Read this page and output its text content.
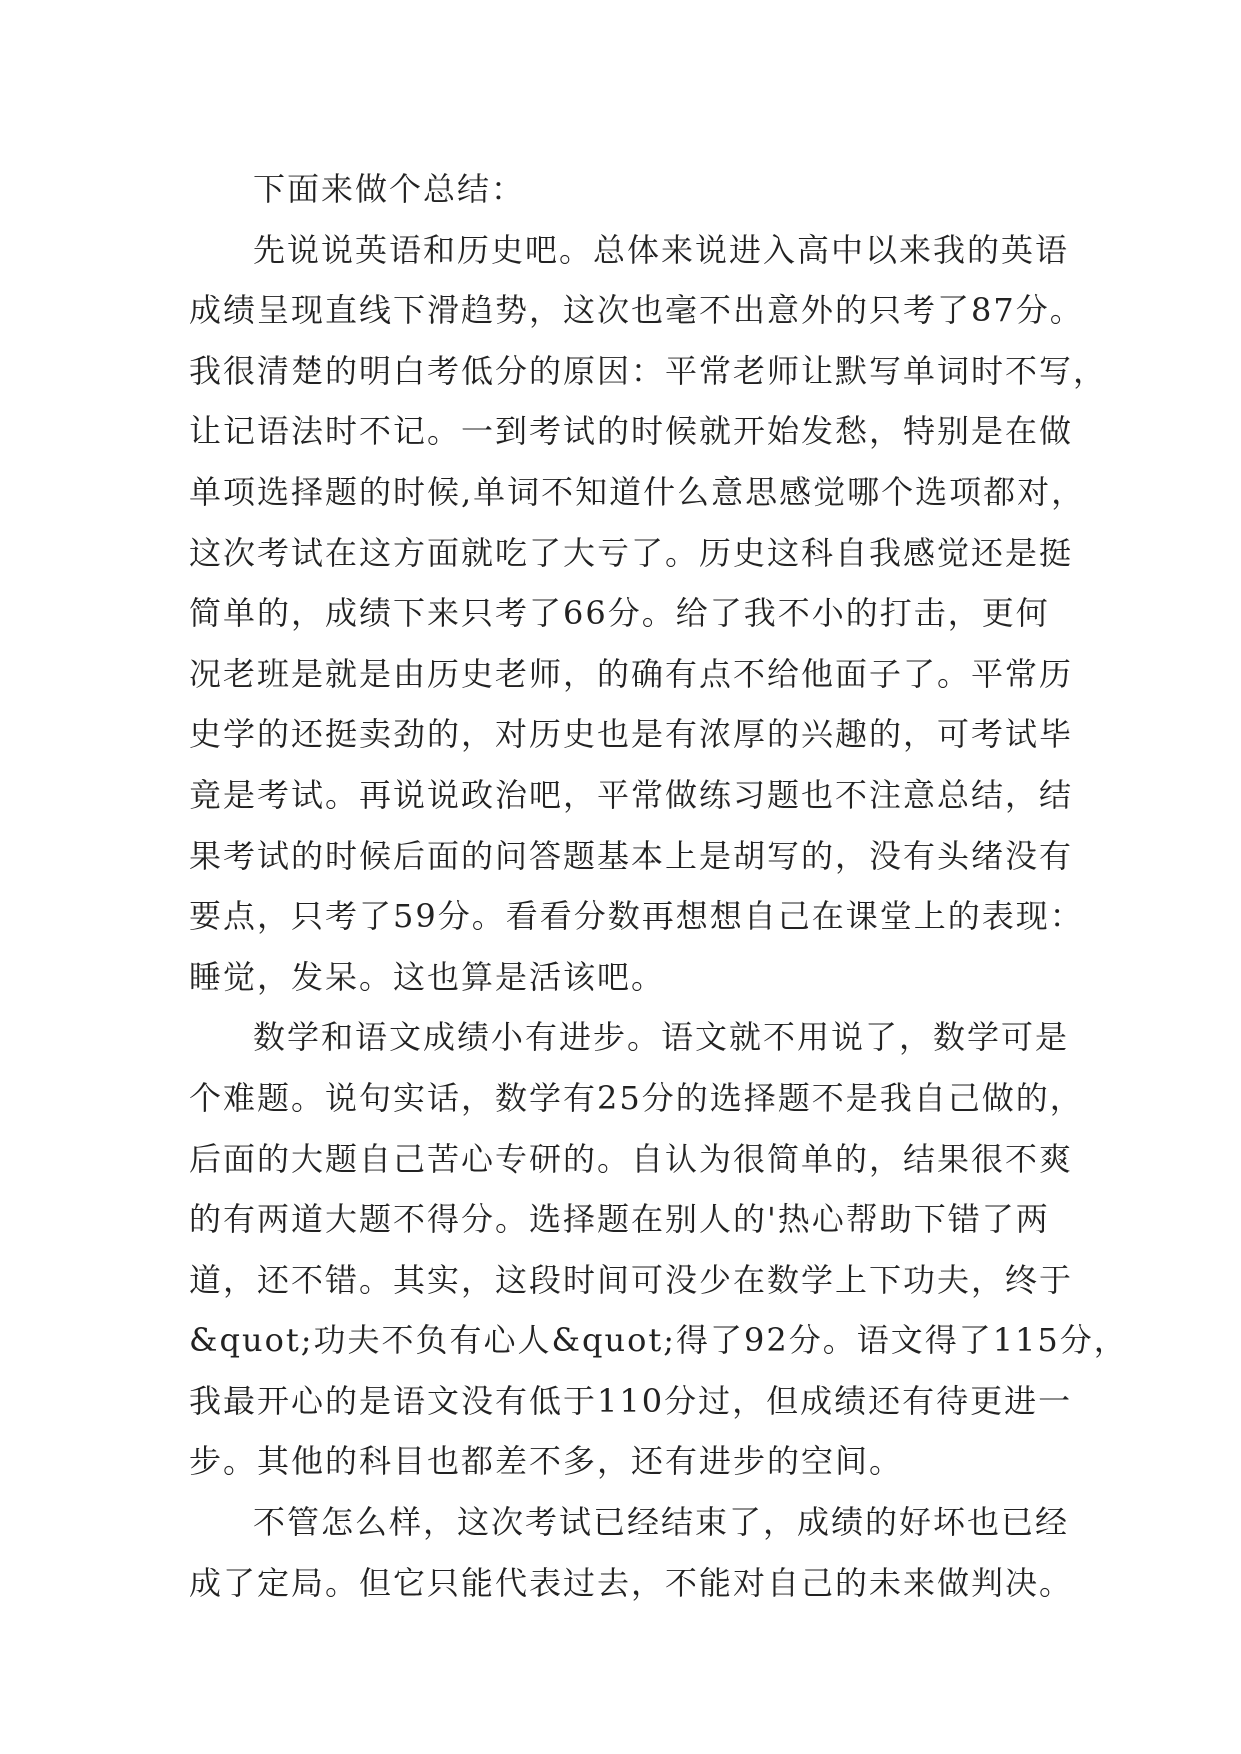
下面来做个总结：
先说说英语和历史吧。总体来说进入高中以来我的英语
成绩呈现直线下滑趋势，这次也毫不出意外的只考了87分。
我很清楚的明白考低分的原因：平常老师让默写单词时不写，
让记语法时不记。一到考试的时候就开始发愁，特别是在做
单项选择题的时候,单词不知道什么意思感觉哪个选项都对，
这次考试在这方面就吃了大亏了。历史这科自我感觉还是挺
简单的，成绩下来只考了66分。给了我不小的打击，更何
况老班是就是由历史老师，的确有点不给他面子了。平常历
史学的还挺卖劲的，对历史也是有浓厚的兴趣的，可考试毕
竟是考试。再说说政治吧，平常做练习题也不注意总结，结
果考试的时候后面的问答题基本上是胡写的，没有头绪没有
要点，只考了59分。看看分数再想想自己在课堂上的表现：
睡觉，发呆。这也算是活该吧。
数学和语文成绩小有进步。语文就不用说了，数学可是
个难题。说句实话，数学有25分的选择题不是我自己做的，
后面的大题自己苦心专研的。自认为很简单的，结果很不爽
的有两道大题不得分。选择题在别人的'热心帮助下错了两
道，还不错。其实，这段时间可没少在数学上下功夫，终于
&quot;功夫不负有心人&quot;得了92分。语文得了115分，
我最开心的是语文没有低于110分过，但成绩还有待更进一
步。其他的科目也都差不多，还有进步的空间。
不管怎么样，这次考试已经结束了，成绩的好坏也已经
成了定局。但它只能代表过去，不能对自己的未来做判决。
